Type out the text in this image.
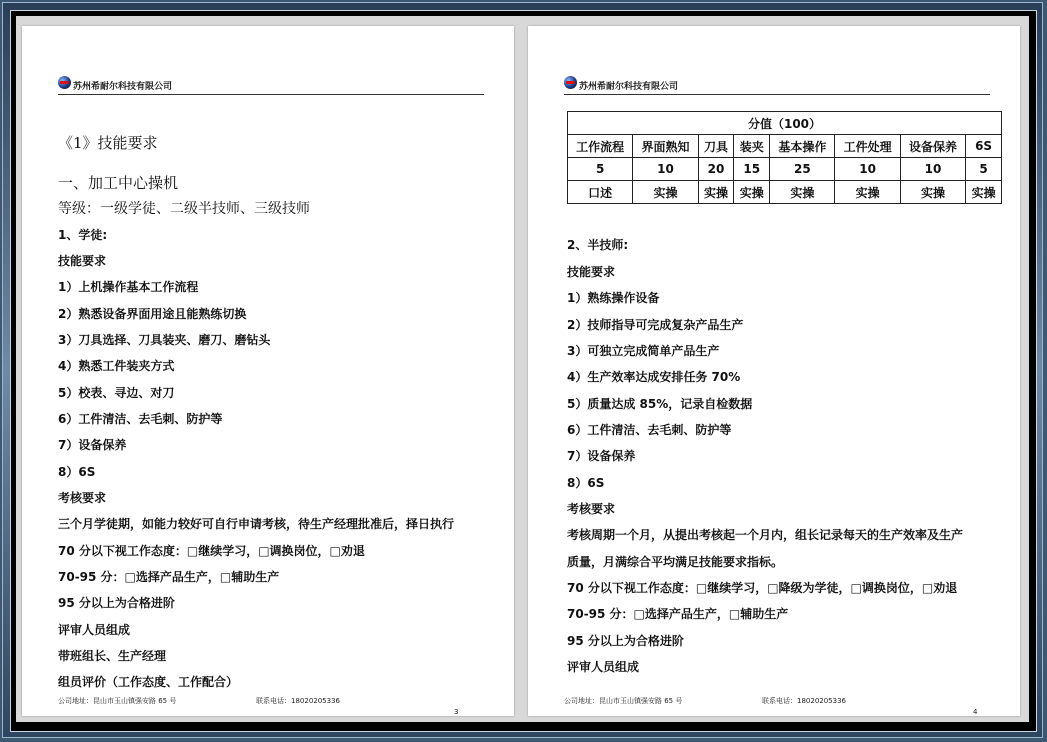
苏州希耐尔科技有限公司
《1》技能要求
一、加工中心操机
等级：一级学徒、二级半技师、三级技师
1、学徒:
技能要求
1）上机操作基本工作流程
2）熟悉设备界面用途且能熟练切换
3）刀具选择、刀具装夹、磨刀、磨钻头
4）熟悉工件装夹方式
5）校表、寻边、对刀
6）工件清洁、去毛刺、防护等
7）设备保养
8）6S
考核要求
三个月学徒期，如能力较好可自行申请考核，待生产经理批准后，择日执行
70 分以下视工作态度：□继续学习，□调换岗位，□劝退
70-95 分：□选择产品生产，□辅助生产
95 分以上为合格进阶
评审人员组成
带班组长、生产经理
组员评价（工作态度、工作配合）
公司地址：昆山市玉山镇强安路 65 号	联系电话：18020205336
3
苏州希耐尔科技有限公司
分值（100）							
工作流程	界面熟知	刀具	装夹	基本操作	工件处理	设备保养	6S
5	10	20	15	25	10	10	5
口述	实操	实操	实操	实操	实操	实操	实操
2、半技师:
技能要求
1）熟练操作设备
2）技师指导可完成复杂产品生产
3）可独立完成简单产品生产
4）生产效率达成安排任务 70%
5）质量达成 85%，记录自检数据
6）工件清洁、去毛刺、防护等
7）设备保养
8）6S
考核要求
考核周期一个月，从提出考核起一个月内，组长记录每天的生产效率及生产
质量，月满综合平均满足技能要求指标。
70 分以下视工作态度：□继续学习，□降级为学徒，□调换岗位，□劝退
70-95 分：□选择产品生产，□辅助生产
95 分以上为合格进阶
评审人员组成
公司地址：昆山市玉山镇强安路 65 号	联系电话：18020205336
4
